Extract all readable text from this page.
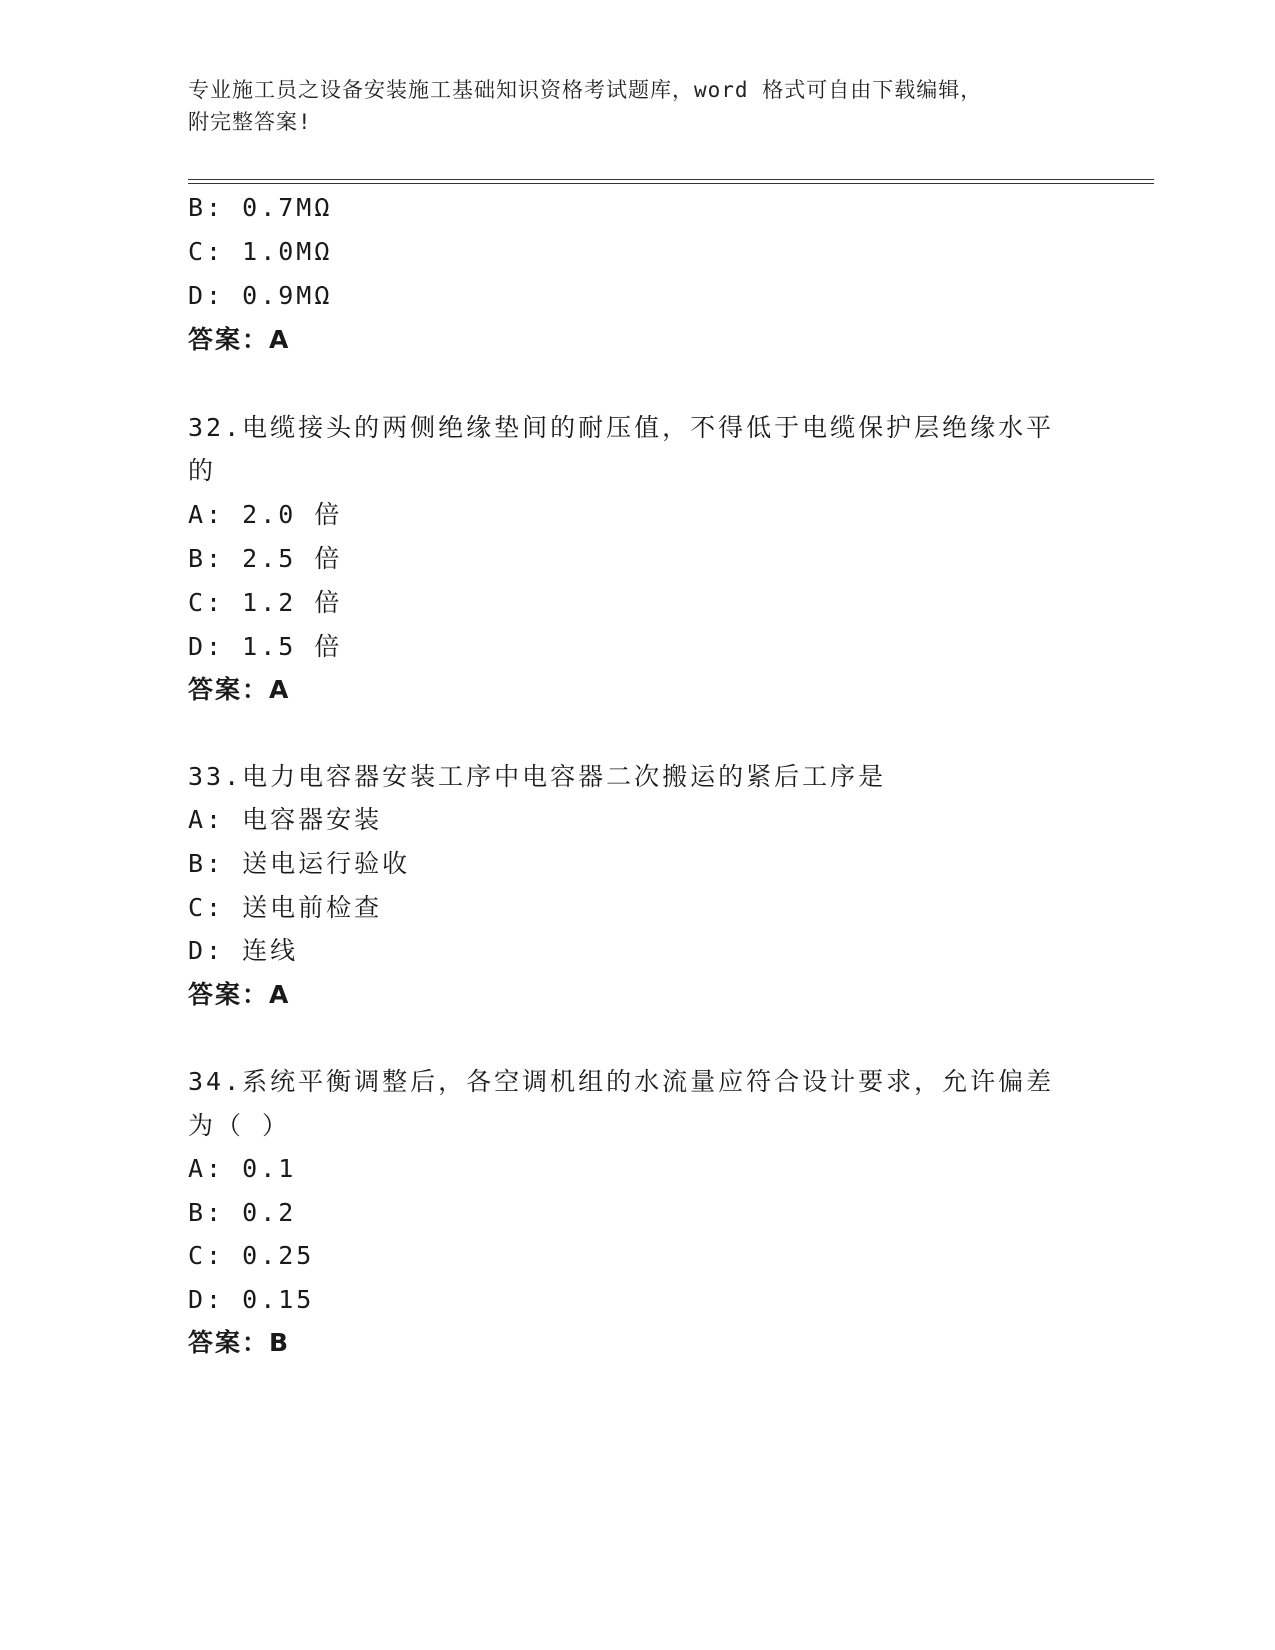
专业施工员之设备安装施工基础知识资格考试题库，word 格式可自由下载编辑，
附完整答案!
B: 0.7MΩ
C: 1.0MΩ
D: 0.9MΩ
答案：A
32.电缆接头的两侧绝缘垫间的耐压值，不得低于电缆保护层绝缘水平
的
A: 2.0 倍
B: 2.5 倍
C: 1.2 倍
D: 1.5 倍
答案：A
33.电力电容器安装工序中电容器二次搬运的紧后工序是
A: 电容器安装
B: 送电运行验收
C: 送电前检查
D: 连线
答案：A
34.系统平衡调整后，各空调机组的水流量应符合设计要求，允许偏差
为（ ）
A: 0.1
B: 0.2
C: 0.25
D: 0.15
答案：B
